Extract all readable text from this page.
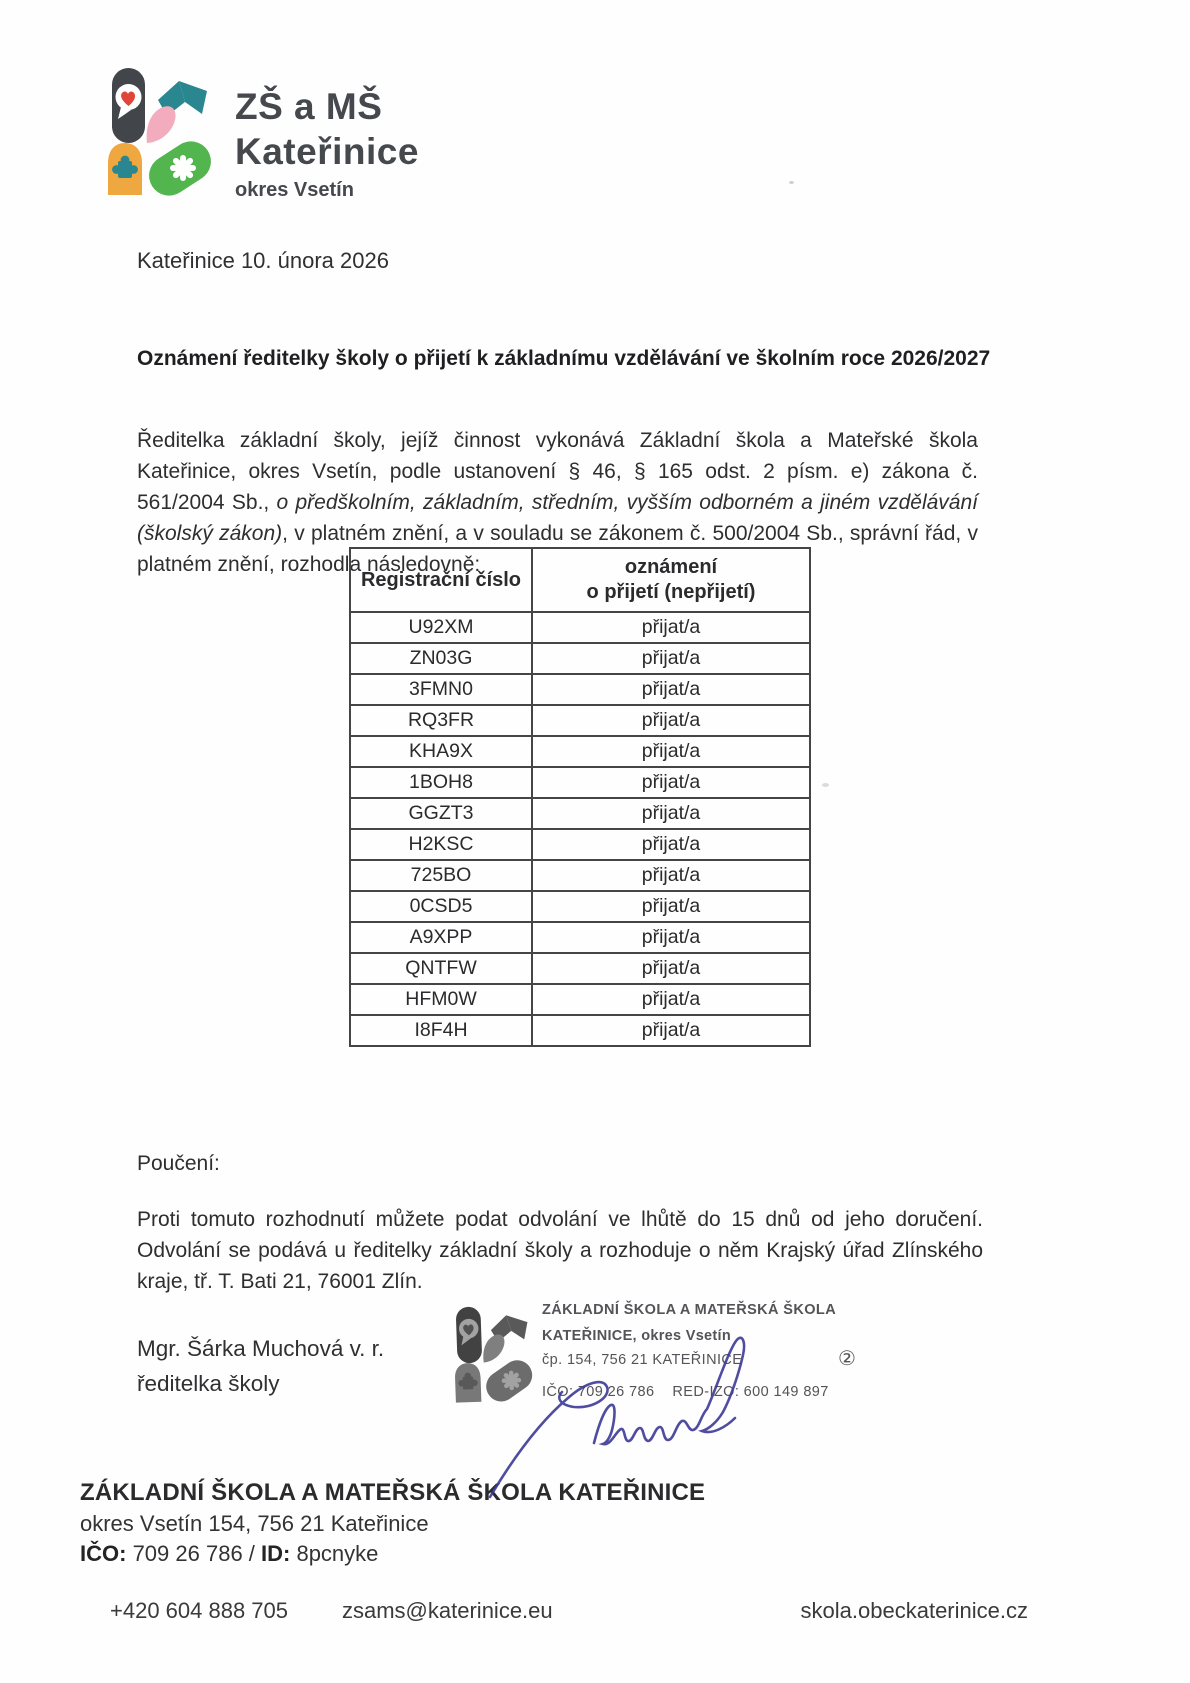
ZŠ a MŠ
Kateřinice
okres Vsetín
Kateřinice 10. února 2026
Oznámení ředitelky školy o přijetí k základnímu vzdělávání ve školním roce 2026/2027

Ředitelka základní školy, jejíž činnost vykonává Základní škola a Mateřské škola Kateřinice, okres Vsetín, podle ustanovení § 46, § 165 odst. 2 písm. e) zákona č. 561/2004 Sb., o předškolním, základním, středním, vyšším odborném a jiném vzdělávání (školský zákon), v platném znění, a v souladu se zákonem č. 500/2004 Sb., správní řád, v platném znění, rozhodla následovně:

Registrační číslo	oznámení
o přijetí (nepřijetí)

U92XM	přijat/a
ZN03G	přijat/a
3FMN0	přijat/a
RQ3FR	přijat/a
KHA9X	přijat/a
1BOH8	přijat/a
GGZT3	přijat/a
H2KSC	přijat/a
725BO	přijat/a
0CSD5	přijat/a
A9XPP	přijat/a
QNTFW	přijat/a
HFM0W	přijat/a
I8F4H	přijat/a
Poučení:

Proti tomuto rozhodnutí můžete podat odvolání ve lhůtě do 15 dnů od jeho doručení. Odvolání se podává u ředitelky základní školy a rozhoduje o něm Krajský úřad Zlínského kraje, tř. T. Bati 21, 76001 Zlín.

Mgr. Šárka Muchová v. r.
ředitelka školy
ZÁKLADNÍ ŠKOLA A MATEŘSKÁ ŠKOLA
KATEŘINICE, okres Vsetín
čp. 154, 756 21 KATEŘINICE
IČO: 709 26 786 RED-IZO: 600 149 897
②
ZÁKLADNÍ ŠKOLA A MATEŘSKÁ ŠKOLA KATEŘINICE
okres Vsetín 154, 756 21 Kateřinice
IČO: 709 26 786 / ID: 8pcnyke
+420 604 888 705 zsams@katerinice.eu	skola.obeckaterinice.cz
